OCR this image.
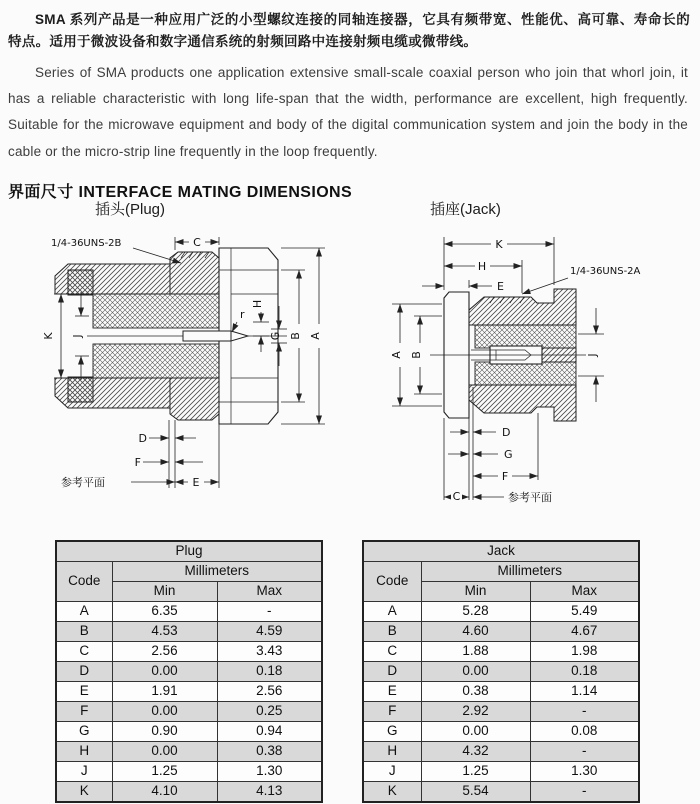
SMA 系列产品是一种应用广泛的小型螺纹连接的同轴连接器，它具有频带宽、性能优、高可靠、寿命长的特点。适用于微波设备和数字通信系统的射频回路中连接射频电缆或微带线。

Series of SMA products one application extensive small-scale coaxial person who join that whorl join, it has a reliable characteristic with long life-span that the width, performance are excellent, high frequently. Suitable for the microwave equipment and body of the digital communication system and join the body in the cable or the micro-strip line frequently in the loop frequently.

界面尺寸 INTERFACE MATING DIMENSIONS
插头(Plug)	插座(Jack)
1/4-36UNS-2B	C
K J
r
H
G B A
D
F
参考平面	E
K
H
E
1/4-36UNS-2A
A B	J
D
G
F
C	参考平面
Plug		
Code	Millimeters	
	Min	Max
A	6.35	-
B	4.53	4.59
C	2.56	3.43
D	0.00	0.18
E	1.91	2.56
F	0.00	0.25
G	0.90	0.94
H	0.00	0.38
J	1.25	1.30
K	4.10	4.13
Jack		
Code	Millimeters	
	Min	Max
A	5.28	5.49
B	4.60	4.67
C	1.88	1.98
D	0.00	0.18
E	0.38	1.14
F	2.92	-
G	0.00	0.08
H	4.32	-
J	1.25	1.30
K	5.54	-
